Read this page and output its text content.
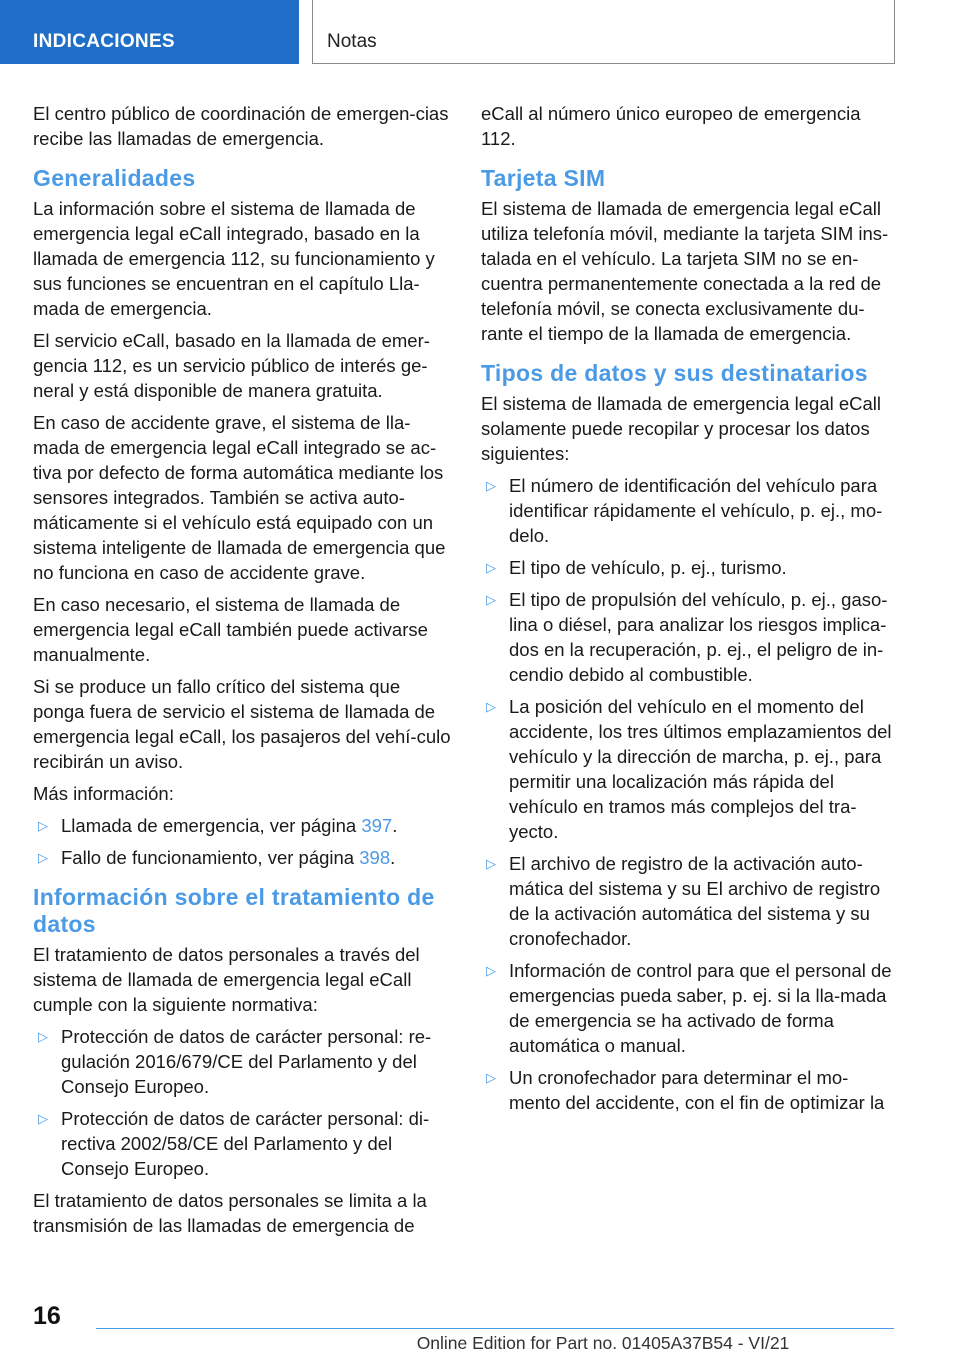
INDICACIONES	Notas

El centro público de coordinación de emergen-cias recibe las llamadas de emergencia.

Generalidades

La información sobre el sistema de llamada de emergencia legal eCall integrado, basado en la llamada de emergencia 112, su funcionamiento y sus funciones se encuentran en el capítulo Lla-mada de emergencia.

El servicio eCall, basado en la llamada de emer-gencia 112, es un servicio público de interés ge-neral y está disponible de manera gratuita.

En caso de accidente grave, el sistema de lla-mada de emergencia legal eCall integrado se ac-tiva por defecto de forma automática mediante los sensores integrados. También se activa auto-máticamente si el vehículo está equipado con un sistema inteligente de llamada de emergencia que no funciona en caso de accidente grave.

En caso necesario, el sistema de llamada de emergencia legal eCall también puede activarse manualmente.

Si se produce un fallo crítico del sistema que ponga fuera de servicio el sistema de llamada de emergencia legal eCall, los pasajeros del vehí-culo recibirán un aviso.

Más información:

▷ Llamada de emergencia, ver página 397.
▷ Fallo de funcionamiento, ver página 398.
Información sobre el tratamiento de datos

El tratamiento de datos personales a través del sistema de llamada de emergencia legal eCall cumple con la siguiente normativa:

▷ Protección de datos de carácter personal: re-gulación 2016/679/CE del Parlamento y del Consejo Europeo.
▷ Protección de datos de carácter personal: di-rectiva 2002/58/CE del Parlamento y del Consejo Europeo.

El tratamiento de datos personales se limita a la transmisión de las llamadas de emergencia de

eCall al número único europeo de emergencia 112.

Tarjeta SIM

El sistema de llamada de emergencia legal eCall utiliza telefonía móvil, mediante la tarjeta SIM ins-talada en el vehículo. La tarjeta SIM no se en-cuentra permanentemente conectada a la red de telefonía móvil, se conecta exclusivamente du-rante el tiempo de la llamada de emergencia.

Tipos de datos y sus destinatarios

El sistema de llamada de emergencia legal eCall solamente puede recopilar y procesar los datos siguientes:

▷ El número de identificación del vehículo para identificar rápidamente el vehículo, p. ej., mo-delo.
▷ El tipo de vehículo, p. ej., turismo.
▷ El tipo de propulsión del vehículo, p. ej., gaso-lina o diésel, para analizar los riesgos implica-dos en la recuperación, p. ej., el peligro de in-cendio debido al combustible.
▷ La posición del vehículo en el momento del accidente, los tres últimos emplazamientos del vehículo y la dirección de marcha, p. ej., para permitir una localización más rápida del vehículo en tramos más complejos del tra-yecto.
▷ El archivo de registro de la activación auto-mática del sistema y su El archivo de registro de la activación automática del sistema y su cronofechador.
▷ Información de control para que el personal de emergencias pueda saber, p. ej. si la lla-mada de emergencia se ha activado de forma automática o manual.
▷ Un cronofechador para determinar el mo-mento del accidente, con el fin de optimizar la
16
Online Edition for Part no. 01405A37B54 - VI/21
